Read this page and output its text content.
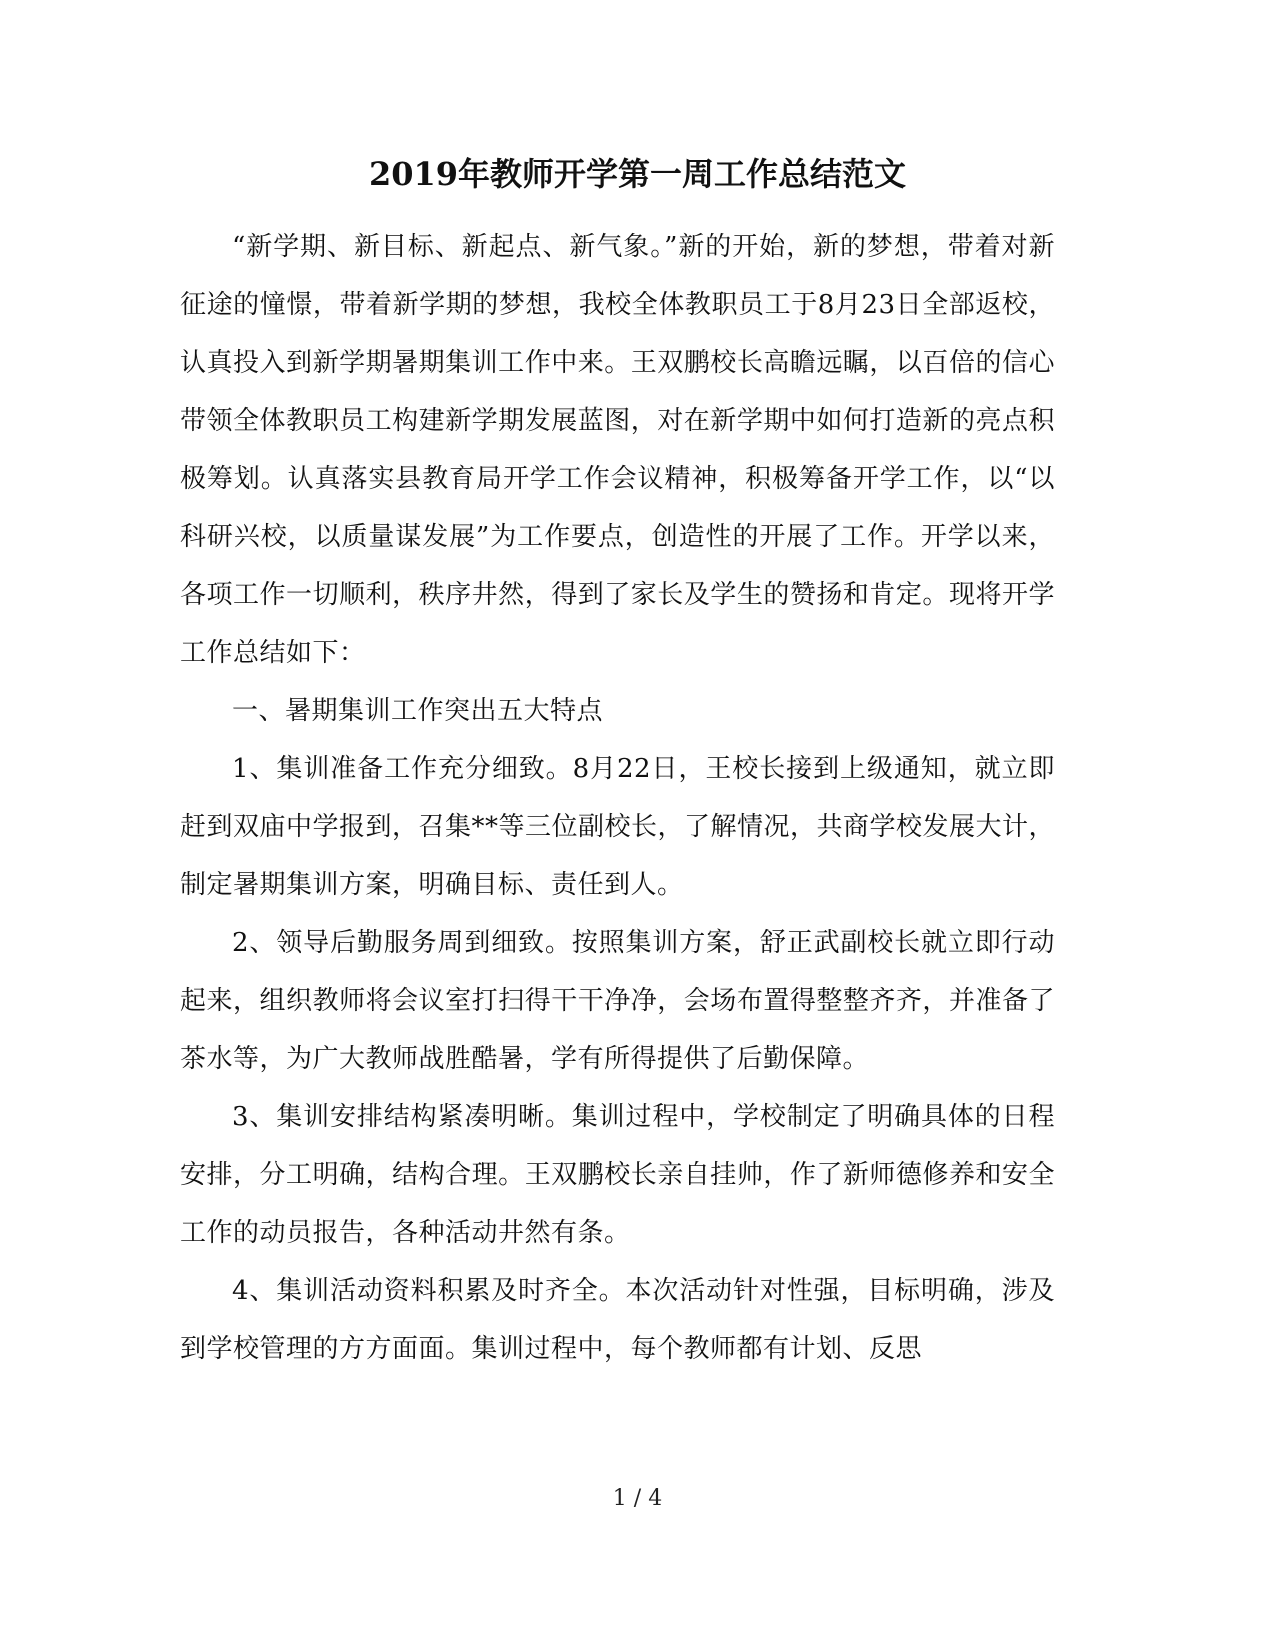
2019年教师开学第一周工作总结范文

“新学期、新目标、新起点、新气象。”新的开始，新的梦想，带着对新征途的憧憬，带着新学期的梦想，我校全体教职员工于8月23日全部返校，认真投入到新学期暑期集训工作中来。王双鹏校长高瞻远瞩，以百倍的信心带领全体教职员工构建新学期发展蓝图，对在新学期中如何打造新的亮点积极筹划。认真落实县教育局开学工作会议精神，积极筹备开学工作，以“以科研兴校，以质量谋发展”为工作要点，创造性的开展了工作。开学以来，各项工作一切顺利，秩序井然，得到了家长及学生的赞扬和肯定。现将开学工作总结如下：

一、暑期集训工作突出五大特点

1、集训准备工作充分细致。8月22日，王校长接到上级通知，就立即赶到双庙中学报到，召集**等三位副校长，了解情况，共商学校发展大计，制定暑期集训方案，明确目标、责任到人。

2、领导后勤服务周到细致。按照集训方案，舒正武副校长就立即行动起来，组织教师将会议室打扫得干干净净，会场布置得整整齐齐，并准备了茶水等，为广大教师战胜酷暑，学有所得提供了后勤保障。

3、集训安排结构紧凑明晰。集训过程中，学校制定了明确具体的日程安排，分工明确，结构合理。王双鹏校长亲自挂帅，作了新师德修养和安全工作的动员报告，各种活动井然有条。

4、集训活动资料积累及时齐全。本次活动针对性强，目标明确，涉及到学校管理的方方面面。集训过程中，每个教师都有计划、反思

1 / 4
